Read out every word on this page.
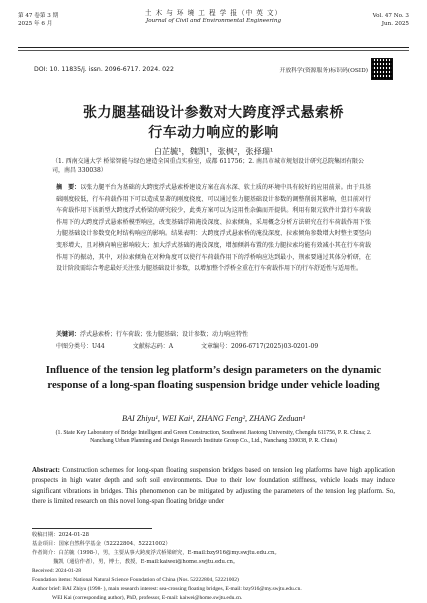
第 47 卷第 3 期
2025 年 6 月
土 木 与 环 境 工 程 学 报（中 英 文）
Journal of Civil and Environmental Engineering
Vol. 47 No. 3
Jun. 2025
DOI: 10. 11835/j. issn. 2096-6717. 2024. 022	开放科学(资源服务)标识码(OSID)
张力腿基础设计参数对大跨度浮式悬索桥
行车动力响应的影响
白芷毓¹，魏凯¹，张枫²，张择瑞¹
（1. 西南交通大学 桥梁智能与绿色建造全国重点实验室，成都 611756；2. 南昌市城市规划设计研究总院集团有限公司，南昌 330038）
摘　要：以张力腿平台为基础的大跨度浮式悬索桥建设方案在高水深、软土质的环境中具有较好的应用前景。由于具基础刚度较低，行车荷载作用下可以造成显著的刚度挠度、可以通过张力腿基础设计参数的调整削弱其影响，但目前对行车荷载作用下该新型大跨度浮式桥梁的研究较少，此类方案可以为这用性杂偏而开提供。利用有限元软件计算行车荷载作用下的大跨度浮式悬索桥模型响应，改变基础浮箱淹没深度、拉索倾角，采用概念分析方法研究在行车荷载作用下张力腿基础设计参数变化时结构响应的影响。结果表明：大跨度浮式悬索桥的淹没深度、拉索倾角参数增大时整主要竖向变形增大，且对横向响应影响较大；加大浮式基础的淹没深度，增加倾斜布置的张力腿拉索均能有效减小其在行车荷载作用下的振动，其中，对拉索倾角在对种角度可以使行车荷载作用下的浮桥响应达到最小，荆索要通过其体分析研，在设计阶段需综合考虑最好关注张力腿基础设计参数，以增加整个浮桥全重在行车荷载作用下的行车舒适性与适用性。
关键词：浮式悬索桥；行车荷载；张力腿基础；设计参数；动力响应特性
中图分类号：U44	文献标志码：A	文章编号：2096-6717(2025)03-0201-09
Influence of the tension leg platform’s design parameters on the dynamic response of a long-span floating suspension bridge under vehicle loading
BAI Zhiyu¹, WEI Kai¹, ZHANG Feng², ZHANG Zeduan¹
(1. State Key Laboratory of Bridge Intelligent and Green Construction, Southwest Jiaotong University, Chengdu 611756, P. R. China; 2. Nanchang Urban Planning and Design Research Institute Group Co., Ltd., Nanchang 330038, P. R. China)
Abstract: Construction schemes for long-span floating suspension bridges based on tension leg platforms have high application prospects in high water depth and soft soil environments. Due to their low foundation stiffness, vehicle loads may induce significant vibrations in bridges. This phenomenon can be mitigated by adjusting the parameters of the tension leg platform. So, there is limited research on this novel long-span floating bridge under
收稿日期：2024-01-28
基金项目：国家自然科学基金（52222804、52221002）
作者简介：白芷毓（1998-），男，主要从事大跨度浮式桥梁研究，E-mail:bzy916@my.swjtu.edu.cn。
　　　　魏凯（通信作者），男，博士，教授，E-mail:kaiwei@home.swjtu.edu.cn。
Received: 2024-01-28
Foundation items: National Natural Science Foundation of China (Nos. 52222804, 52221002)
Author brief: BAI Zhiyu (1998- ), main research interest: sea-crossing floating bridges, E-mail: bzy916@my.swjtu.edu.cn.
WEI Kai (corresponding author), PhD, professor, E-mail: kaiwei@home.swjtu.edu.cn.
